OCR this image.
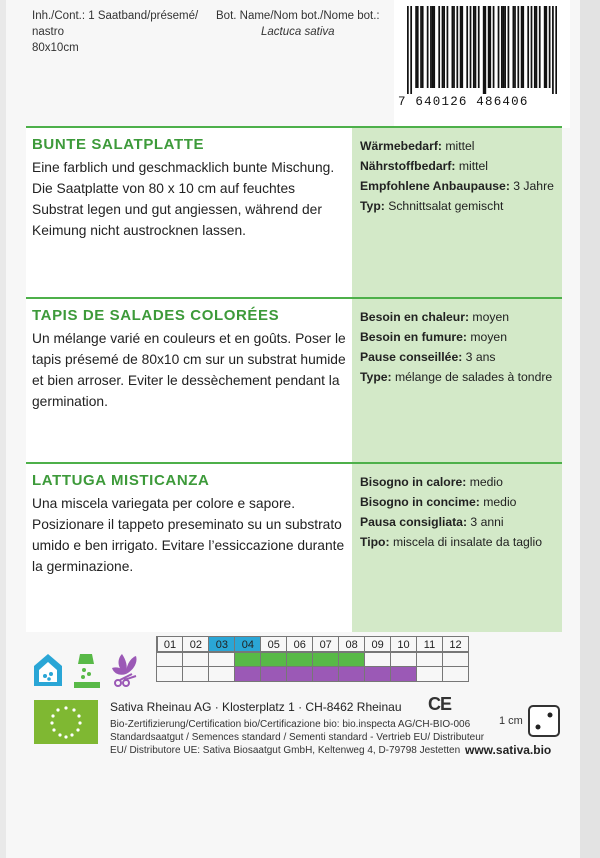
Inh./Cont.: 1 Saatband/présemé/
nastro
80x10cm
Bot. Name/Nom bot./Nome bot.:
Lactuca sativa
7 640126 486406
BUNTE SALATPLATTE
Eine farblich und geschmacklich bunte Mischung. Die Saatplatte von 80 x 10 cm auf feuchtes Substrat legen und gut angiessen, während der Keimung nicht austrocknen lassen.
Wärmebedarf: mittel
Nährstoffbedarf: mittel
Empfohlene Anbaupause: 3 Jahre
Typ: Schnittsalat gemischt
TAPIS DE SALADES COLORÉES
Un mélange varié en couleurs et en goûts. Poser le tapis présemé de 80x10 cm sur un substrat humide et bien arroser. Eviter le dessèchement pendant la germination.
Besoin en chaleur: moyen
Besoin en fumure: moyen
Pause conseillée: 3 ans
Type: mélange de salades à tondre
LATTUGA MISTICANZA
Una miscela variegata per colore e sapore. Posizionare il tappeto preseminato su un substrato umido e ben irrigato. Evitare l’essiccazione durante la germinazione.
Bisogno in calore: medio
Bisogno in concime: medio
Pausa consigliata: 3 anni
Tipo: miscela di insalate da taglio
01	02	03	04	05	06	07	08	09	10	11	12

Sativa Rheinau AG · Klosterplatz 1 · CH-8462 Rheinau CE
Bio-Zertifizierung/Certification bio/Certificazione bio: bio.inspecta AG/CH-BIO-006
Standardsaatgut / Semences standard / Sementi standard - Vertrieb EU/ Distributeur
EU/ Distributore UE: Sativa Biosaatgut GmbH, Keltenweg 4, D-79798 Jestetten
1 cm
www.sativa.bio
